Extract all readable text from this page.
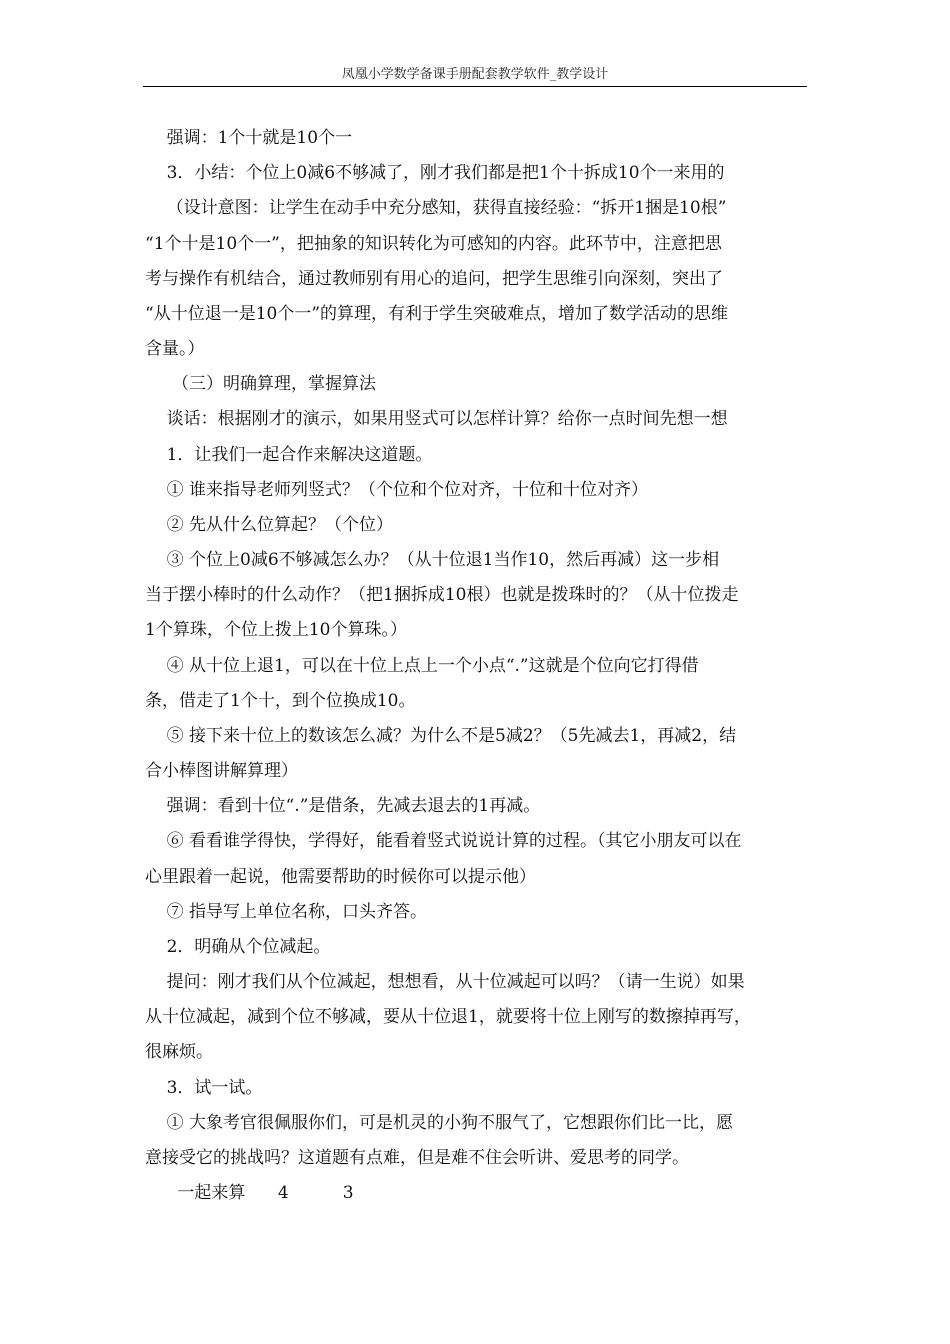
凤凰小学数学备课手册配套教学软件_教学设计
强调：1个十就是10个一
3．小结：个位上0减6不够减了，刚才我们都是把1个十拆成10个一来用的
（设计意图：让学生在动手中充分感知，获得直接经验：“拆开1捆是10根”
“1个十是10个一”，把抽象的知识转化为可感知的内容。此环节中，注意把思
考与操作有机结合，通过教师别有用心的追问，把学生思维引向深刻，突出了
“从十位退一是10个一”的算理，有利于学生突破难点，增加了数学活动的思维
含量。）
（三）明确算理，掌握算法
谈话：根据刚才的演示，如果用竖式可以怎样计算？给你一点时间先想一想
1．让我们一起合作来解决这道题。
① 谁来指导老师列竖式？（个位和个位对齐，十位和十位对齐）
② 先从什么位算起？（个位）
③ 个位上0减6不够减怎么办？（从十位退1当作10，然后再减）这一步相
当于摆小棒时的什么动作？（把1捆拆成10根）也就是拨珠时的？（从十位拨走
1个算珠，个位上拨上10个算珠。）
④ 从十位上退1，可以在十位上点上一个小点“.”这就是个位向它打得借
条，借走了1个十，到个位换成10。
⑤ 接下来十位上的数该怎么减？为什么不是5减2？（5先减去1，再减2，结
合小棒图讲解算理）
强调：看到十位“.”是借条，先减去退去的1再减。
⑥ 看看谁学得快，学得好，能看着竖式说说计算的过程。（其它小朋友可以在
心里跟着一起说，他需要帮助的时候你可以提示他）
⑦ 指导写上单位名称，口头齐答。
2．明确从个位减起。
提问：刚才我们从个位减起，想想看，从十位减起可以吗？（请一生说）如果
从十位减起，减到个位不够减，要从十位退1，就要将十位上刚写的数擦掉再写，
很麻烦。
3．试一试。
① 大象考官很佩服你们，可是机灵的小狗不服气了，它想跟你们比一比，愿
意接受它的挑战吗？这道题有点难，但是难不住会听讲、爱思考的同学。
一起来算      4          3
